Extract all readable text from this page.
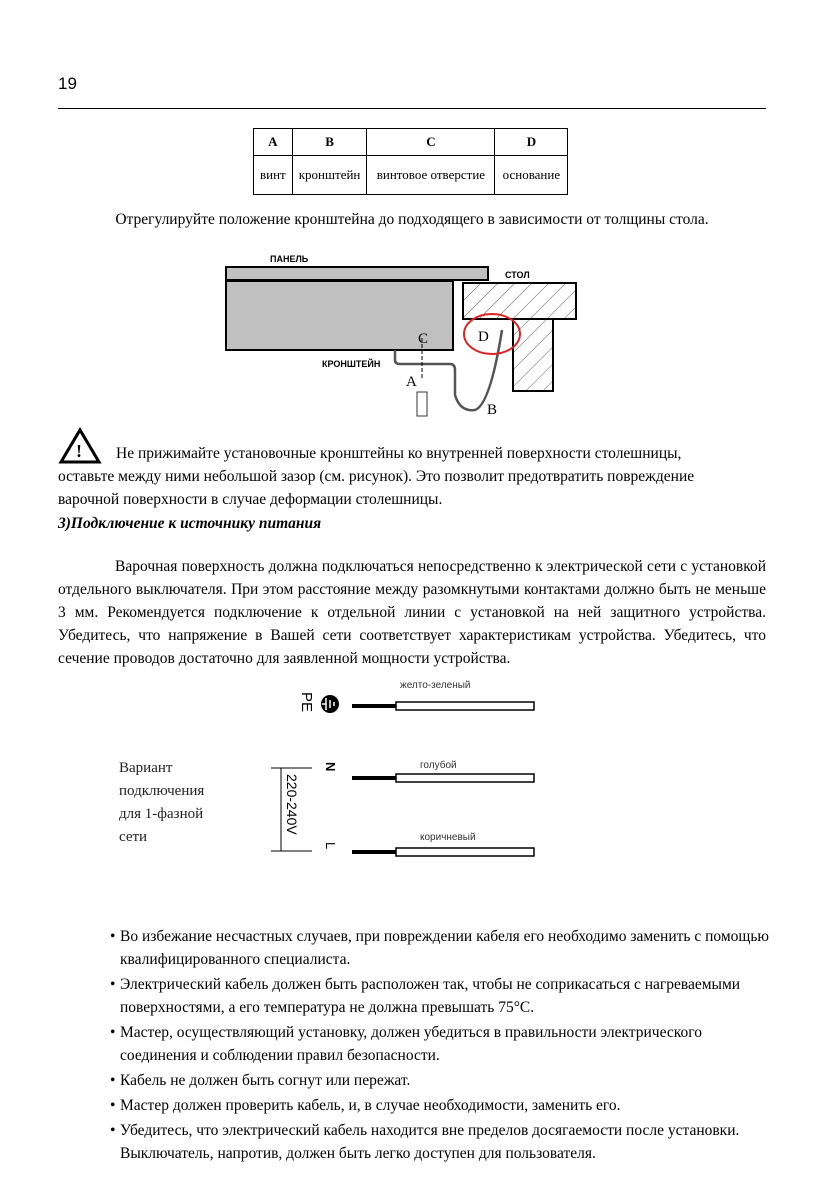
19
A	B	C	D
винт	кронштейн	винтовое отверстие	основание
Отрегулируйте положение кронштейна до подходящего в зависимости от толщины стола.
ПАНЕЛЬ
СТОЛ
КРОНШТЕЙН
C
A
B
D
! Не прижимайте установочные кронштейны ко внутренней поверхности столешницы,
оставьте между ними небольшой зазор (см. рисунок). Это позволит предотвратить повреждение
варочной поверхности в случае деформации столешницы.
3)Подключение к источнику питания
Варочная поверхность должна подключаться непосредственно к электрической сети с установкой отдельного выключателя. При этом расстояние между разомкнутыми контактами должно быть не меньше 3 мм. Рекомендуется подключение к отдельной линии с установкой на ней защитного устройства. Убедитесь, что напряжение в Вашей сети соответствует характеристикам устройства. Убедитесь, что сечение проводов достаточно для заявленной мощности устройства.
желто-зеленый
голубой
коричневый
PE
N
L
220-240V
Вариант
подключения
для 1-фазной
сети
• Во избежание несчастных случаев, при повреждении кабеля его необходимо заменить с помощью квалифицированного специалиста.
• Электрический кабель должен быть расположен так, чтобы не соприкасаться с нагреваемыми поверхностями, а его температура не должна превышать 75°С.
• Мастер, осуществляющий установку, должен убедиться в правильности электрического соединения и соблюдении правил безопасности.
• Кабель не должен быть согнут или пережат.
• Мастер должен проверить кабель, и, в случае необходимости, заменить его.
• Убедитесь, что электрический кабель находится вне пределов досягаемости после установки. Выключатель, напротив, должен быть легко доступен для пользователя.
